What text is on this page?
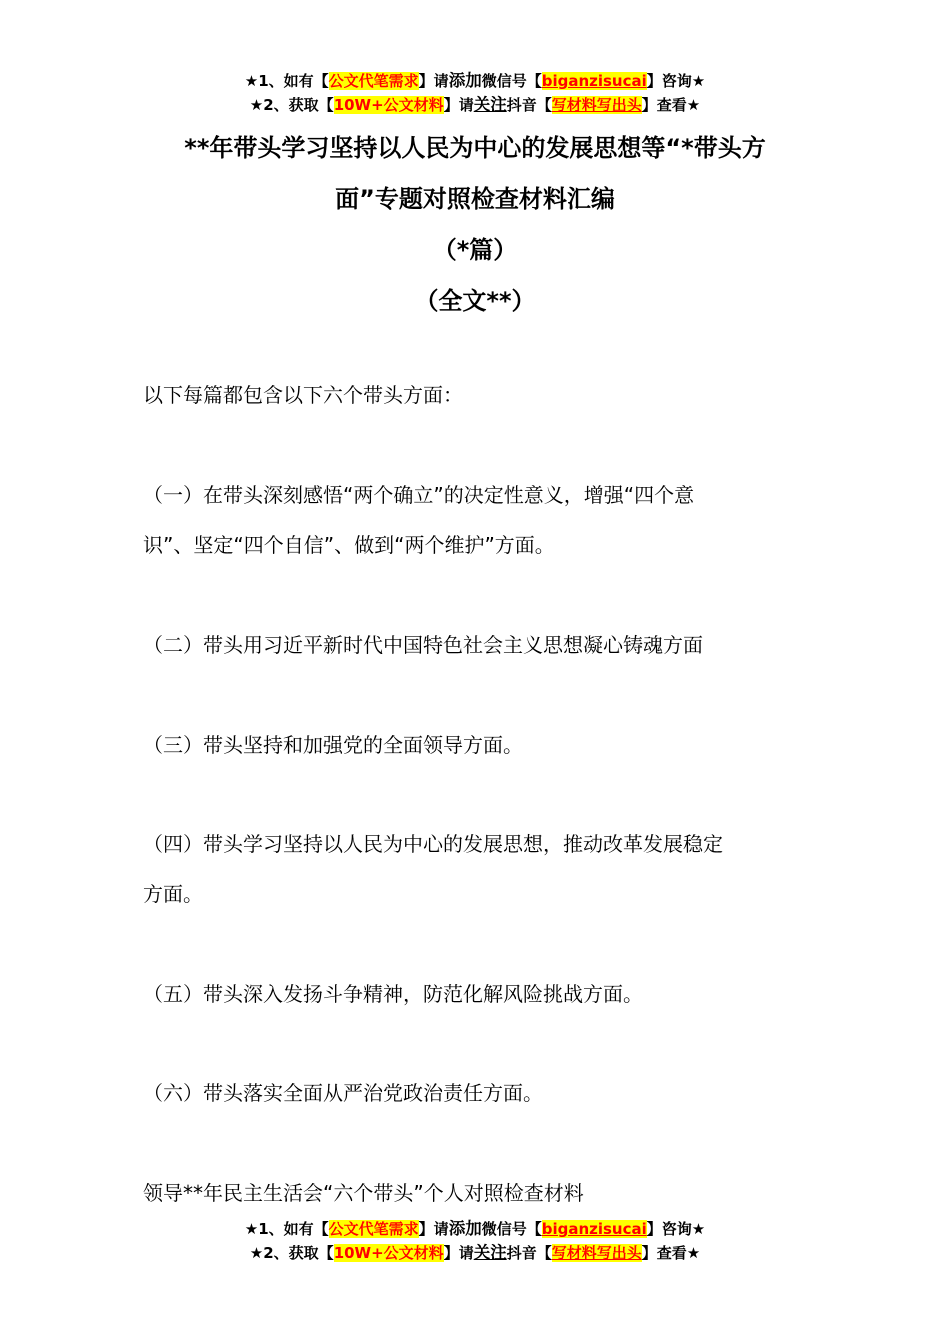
★1、如有【公文代笔需求】请添加微信号【biganzisucai】咨询★
★2、获取【10W+公文材料】请关注抖音【写材料写出头】查看★
**年带头学习坚持以人民为中心的发展思想等“*带头方
面”专题对照检查材料汇编
（*篇）
（全文**）
以下每篇都包含以下六个带头方面：
（一）在带头深刻感悟“两个确立”的决定性意义，增强“四个意
识”、坚定“四个自信”、做到“两个维护”方面。
（二）带头用习近平新时代中国特色社会主义思想凝心铸魂方面
（三）带头坚持和加强党的全面领导方面。
（四）带头学习坚持以人民为中心的发展思想，推动改革发展稳定
方面。
（五）带头深入发扬斗争精神，防范化解风险挑战方面。
（六）带头落实全面从严治党政治责任方面。
领导**年民主生活会“六个带头”个人对照检查材料
★1、如有【公文代笔需求】请添加微信号【biganzisucai】咨询★
★2、获取【10W+公文材料】请关注抖音【写材料写出头】查看★
